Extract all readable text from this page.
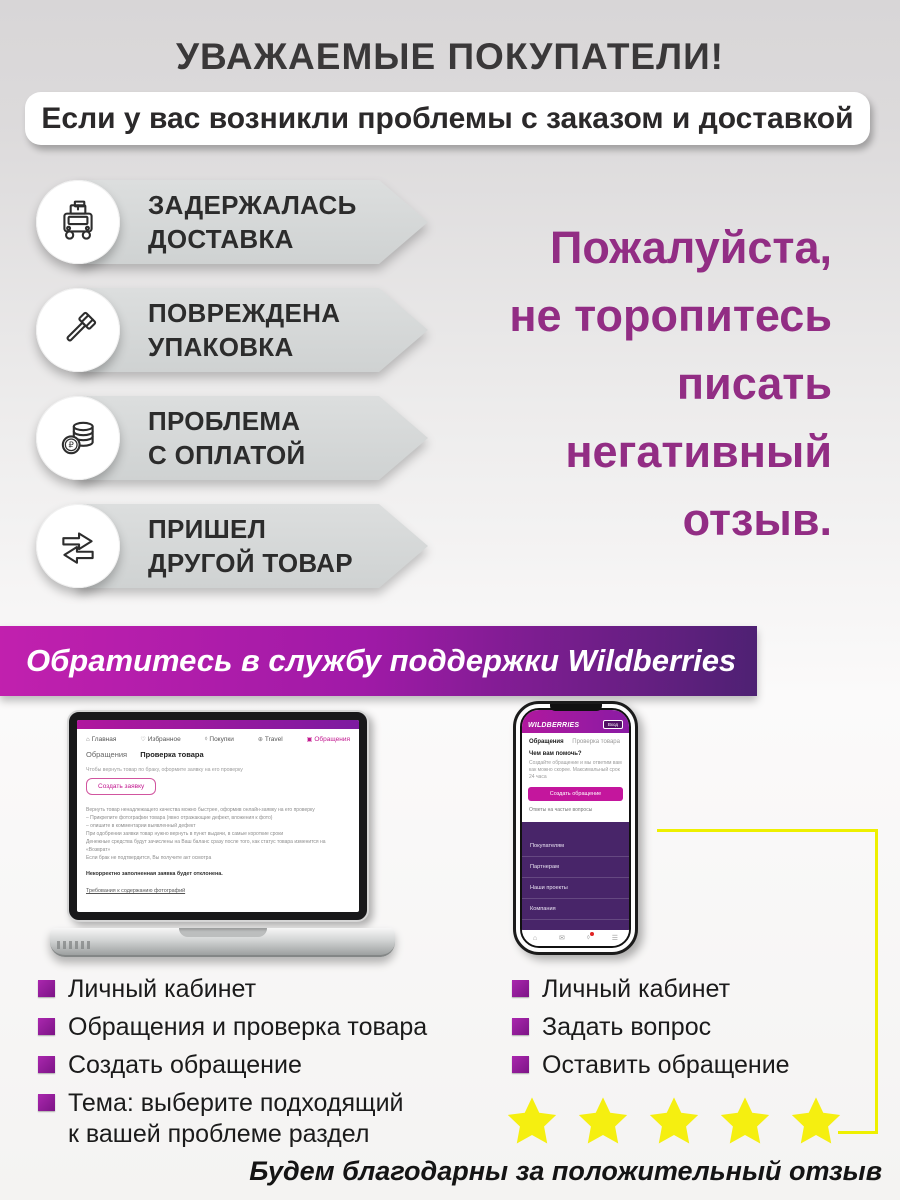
УВАЖАЕМЫЕ ПОКУПАТЕЛИ!
Если у вас возникли проблемы с заказом и доставкой
ЗАДЕРЖАЛАСЬ
ДОСТАВКА
ПОВРЕЖДЕНА
УПАКОВКА
₽
ПРОБЛЕМА
С ОПЛАТОЙ
ПРИШЕЛ
ДРУГОЙ ТОВАР
Пожалуйста,
не торопитесь
писать
негативный
отзыв.
Обратитесь в службу поддержки Wildberries
⌂ Главная	♡ Избранное	⬨ Покупки	⊕ Travel	▣ Обращения
Обращения Проверка товара
Чтобы вернуть товар по браку, оформите заявку на его проверку
Создать заявку
Вернуть товар ненадлежащего качества можно быстрее, оформив онлайн-заявку на его проверку
– Прикрепите фотографии товара (явно отражающие дефект, вложения к фото)
– опишите в комментарии выявленный дефект
При одобрении заявки товар нужно вернуть в пункт выдачи, в самые короткие сроки
Денежные средства будут зачислены на Ваш баланс сразу после того, как статус товара изменится на «Возврат»
Если брак не подтвердится, Вы получите акт осмотра
Некорректно заполненная заявка будет отклонена.
Требования к содержанию фотографий
WILDBERRIES	Вход
Обращения Проверка товара
Чем вам помочь?
Создайте обращение и мы ответим вам как можно скорее. Максимальный срок 24 часа
Создать обращение
Ответы на частые вопросы
Покупателям
Партнерам
Наши проекты
Компания
⌂	✉	⬨	☰
Личный кабинет
Обращения и проверка товара
Создать обращение
Тема: выберите подходящий
к вашей проблеме раздел
Личный кабинет
Задать вопрос
Оставить обращение
Будем благодарны за положительный отзыв
